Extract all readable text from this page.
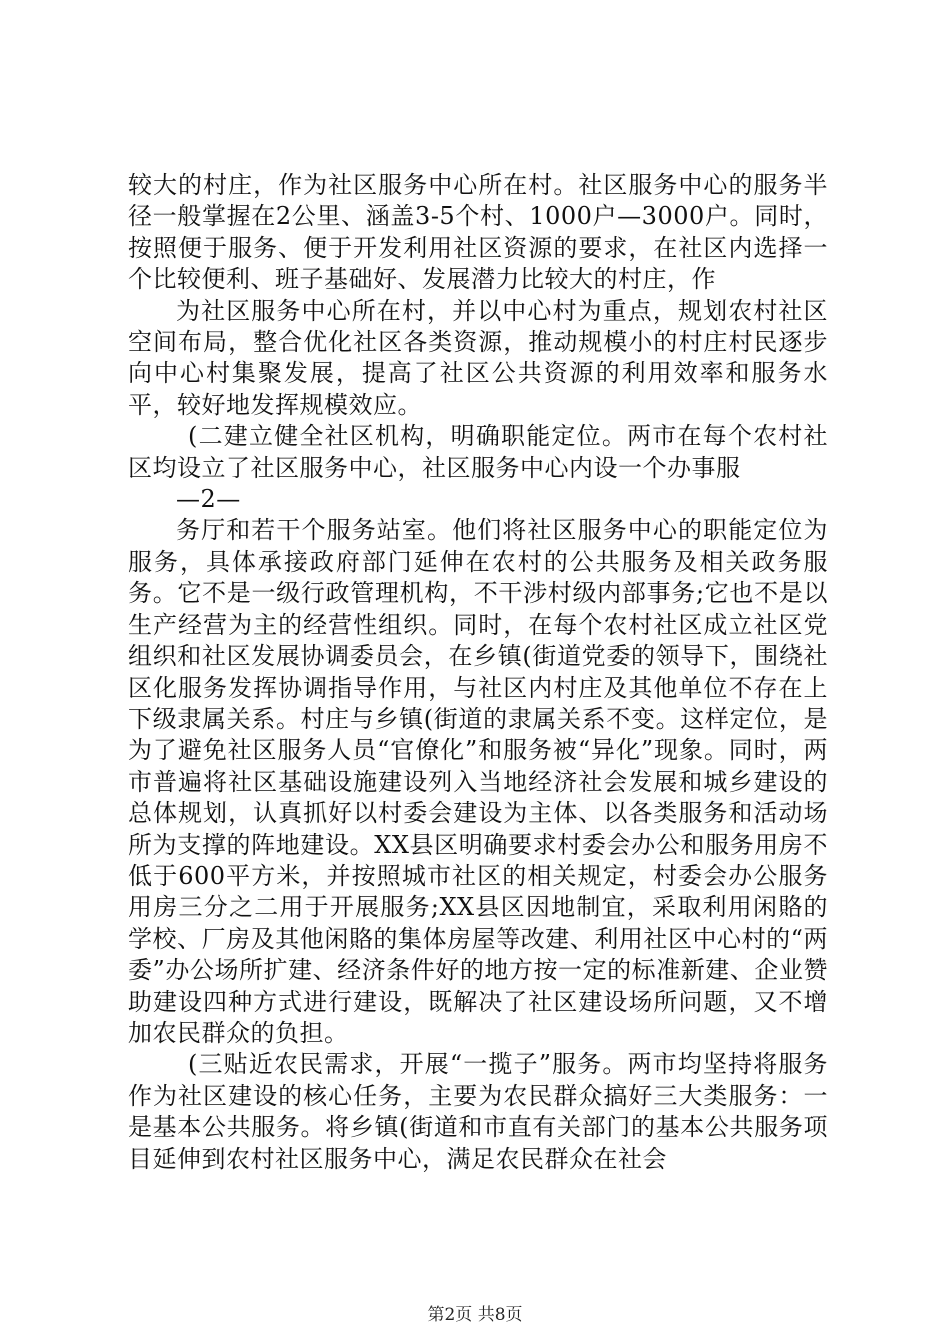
较大的村庄，作为社区服务中心所在村。社区服务中心的服务半径一般掌握在2公里、涵盖3-5个村、1000户—3000户。同时，按照便于服务、便于开发利用社区资源的要求，在社区内选择一个比较便利、班子基础好、发展潜力比较大的村庄，作

为社区服务中心所在村，并以中心村为重点，规划农村社区空间布局，整合优化社区各类资源，推动规模小的村庄村民逐步向中心村集聚发展，提高了社区公共资源的利用效率和服务水平，较好地发挥规模效应。

(二建立健全社区机构，明确职能定位。两市在每个农村社区均设立了社区服务中心，社区服务中心内设一个办事服

—2—

务厅和若干个服务站室。他们将社区服务中心的职能定位为服务，具体承接政府部门延伸在农村的公共服务及相关政务服务。它不是一级行政管理机构，不干涉村级内部事务;它也不是以生产经营为主的经营性组织。同时，在每个农村社区成立社区党组织和社区发展协调委员会，在乡镇(街道党委的领导下，围绕社区化服务发挥协调指导作用，与社区内村庄及其他单位不存在上下级隶属关系。村庄与乡镇(街道的隶属关系不变。这样定位，是为了避免社区服务人员“官僚化”和服务被“异化”现象。同时，两市普遍将社区基础设施建设列入当地经济社会发展和城乡建设的总体规划，认真抓好以村委会建设为主体、以各类服务和活动场所为支撑的阵地建设。XX县区明确要求村委会办公和服务用房不低于600平方米，并按照城市社区的相关规定，村委会办公服务用房三分之二用于开展服务;XX县区因地制宜，采取利用闲賂的学校、厂房及其他闲賂的集体房屋等改建、利用社区中心村的“两委”办公场所扩建、经济条件好的地方按一定的标准新建、企业赞助建设四种方式进行建设，既解决了社区建设场所问题，又不增加农民群众的负担。

(三贴近农民需求，开展“一揽子”服务。两市均坚持将服务作为社区建设的核心任务，主要为农民群众搞好三大类服务：一是基本公共服务。将乡镇(街道和市直有关部门的基本公共服务项目延伸到农村社区服务中心，满足农民群众在社会

第2页 共8页
